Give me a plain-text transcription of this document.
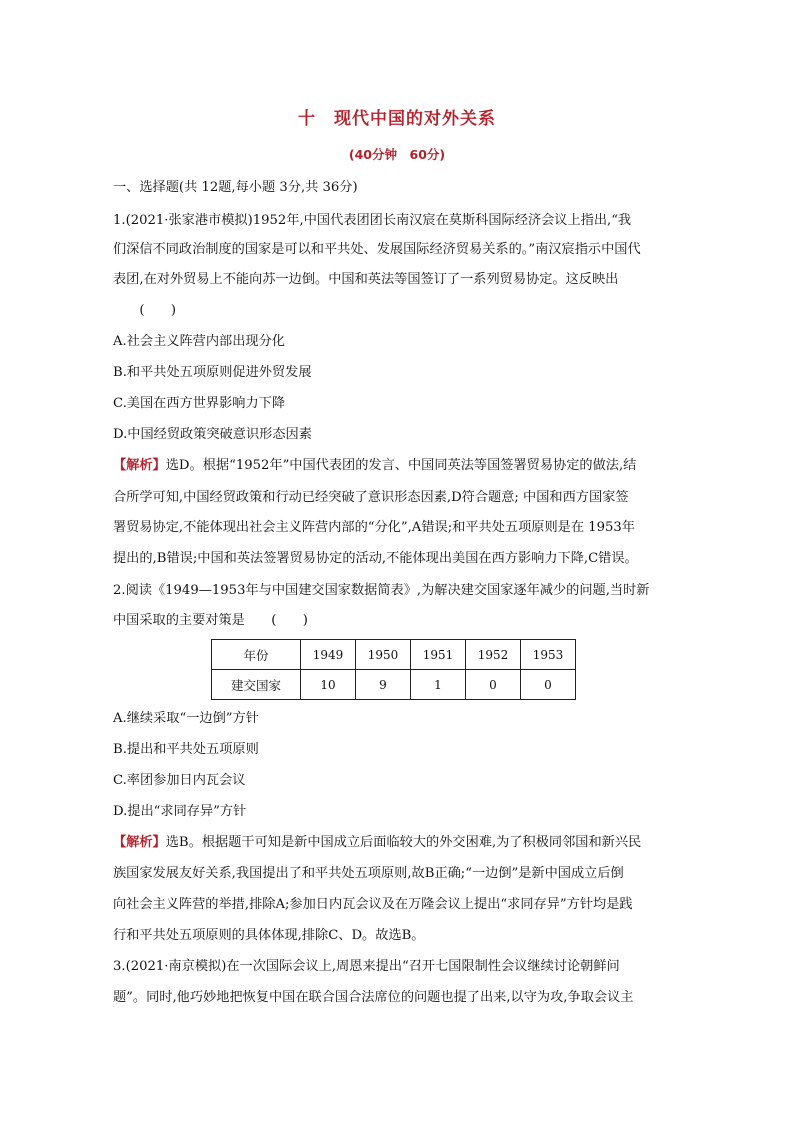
十　现代中国的对外关系
(40分钟　60分)
一、选择题(共 12题,每小题 3分,共 36分)
1.(2021·张家港市模拟)1952年,中国代表团团长南汉宸在莫斯科国际经济会议上指出,“我
们深信不同政治制度的国家是可以和平共处、发展国际经济贸易关系的。”南汉宸指示中国代
表团,在对外贸易上不能向苏一边倒。中国和英法等国签订了一系列贸易协定。这反映出
　　(　　)
A.社会主义阵营内部出现分化
B.和平共处五项原则促进外贸发展
C.美国在西方世界影响力下降
D.中国经贸政策突破意识形态因素
【解析】选D。根据“1952年”中国代表团的发言、中国同英法等国签署贸易协定的做法,结
合所学可知,中国经贸政策和行动已经突破了意识形态因素,D符合题意; 中国和西方国家签
署贸易协定,不能体现出社会主义阵营内部的“分化”,A错误;和平共处五项原则是在 1953年
提出的,B错误;中国和英法签署贸易协定的活动,不能体现出美国在西方影响力下降,C错误。
2.阅读《1949—1953年与中国建交国家数据简表》,为解决建交国家逐年减少的问题,当时新
中国采取的主要对策是　　(　　)
年份	1949	1950	1951	1952	1953
建交国家	10	9	1	0	0
A.继续采取“一边倒”方针
B.提出和平共处五项原则
C.率团参加日内瓦会议
D.提出“求同存异”方针
【解析】选B。根据题干可知是新中国成立后面临较大的外交困难,为了积极同邻国和新兴民
族国家发展友好关系,我国提出了和平共处五项原则,故B正确;“一边倒”是新中国成立后倒
向社会主义阵营的举措,排除A;参加日内瓦会议及在万隆会议上提出“求同存异”方针均是践
行和平共处五项原则的具体体现,排除C、D。故选B。
3.(2021·南京模拟)在一次国际会议上,周恩来提出“召开七国限制性会议继续讨论朝鲜问
题”。同时,他巧妙地把恢复中国在联合国合法席位的问题也提了出来,以守为攻,争取会议主
